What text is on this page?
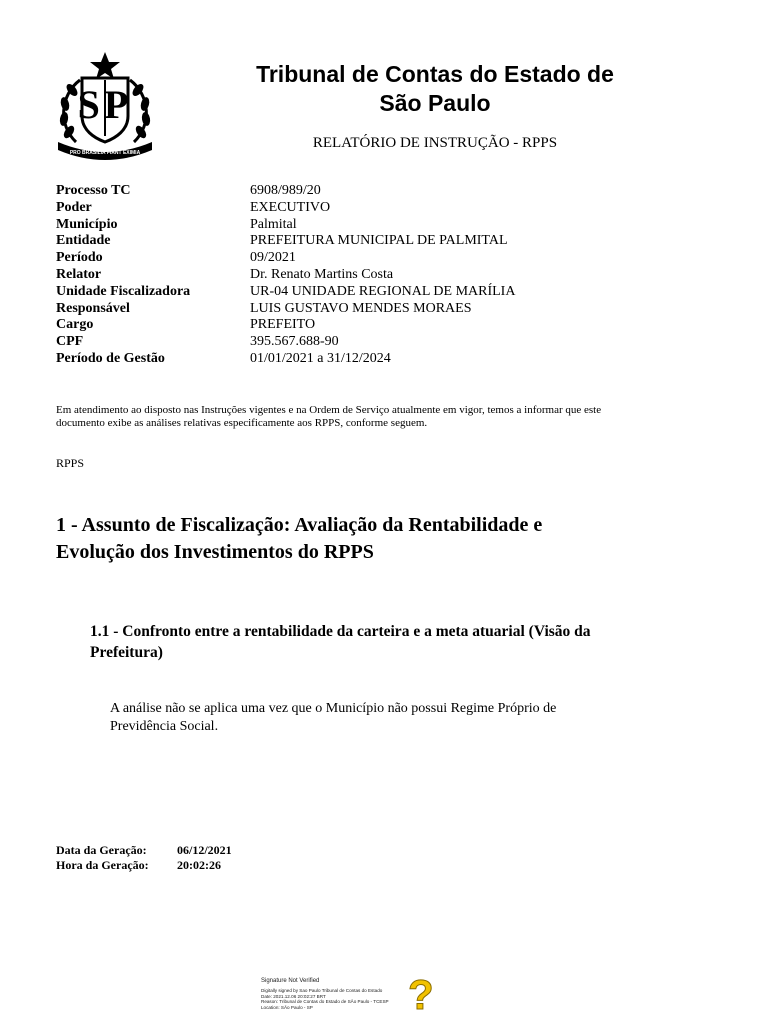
PRO BRASILIA FIANT EXIMIA
SP
Tribunal de Contas do Estado de
São Paulo
RELATÓRIO DE INSTRUÇÃO - RPPS
Processo TC	6908/989/20
Poder	EXECUTIVO
Município	Palmital
Entidade	PREFEITURA MUNICIPAL DE PALMITAL
Período	09/2021
Relator	Dr. Renato Martins Costa
Unidade Fiscalizadora	UR-04 UNIDADE REGIONAL DE MARÍLIA
Responsável	LUIS GUSTAVO MENDES MORAES
Cargo	PREFEITO
CPF	395.567.688-90
Período de Gestão	01/01/2021 a 31/12/2024
Em atendimento ao disposto nas Instruções vigentes e na Ordem de Serviço atualmente em vigor, temos a informar que este
documento exibe as análises relativas especificamente aos RPPS, conforme seguem.
RPPS
1 - Assunto de Fiscalização: Avaliação da Rentabilidade e
Evolução dos Investimentos do RPPS
1.1 - Confronto entre a rentabilidade da carteira e a meta atuarial (Visão da
Prefeitura)
A análise não se aplica uma vez que o Município não possui Regime Próprio de
Previdência Social.
Data da Geração:	06/12/2021
Hora da Geração:	20:02:26
Signature Not Verified
Digitally signed by Sao Paulo Tribunal de Contas do Estado
Date: 2021.12.06 20:02:27 BRT
Reason: Tribunal de Contas do Estado de SÃo Paulo - TCESP
Location: SÃo Paulo - SP	?
